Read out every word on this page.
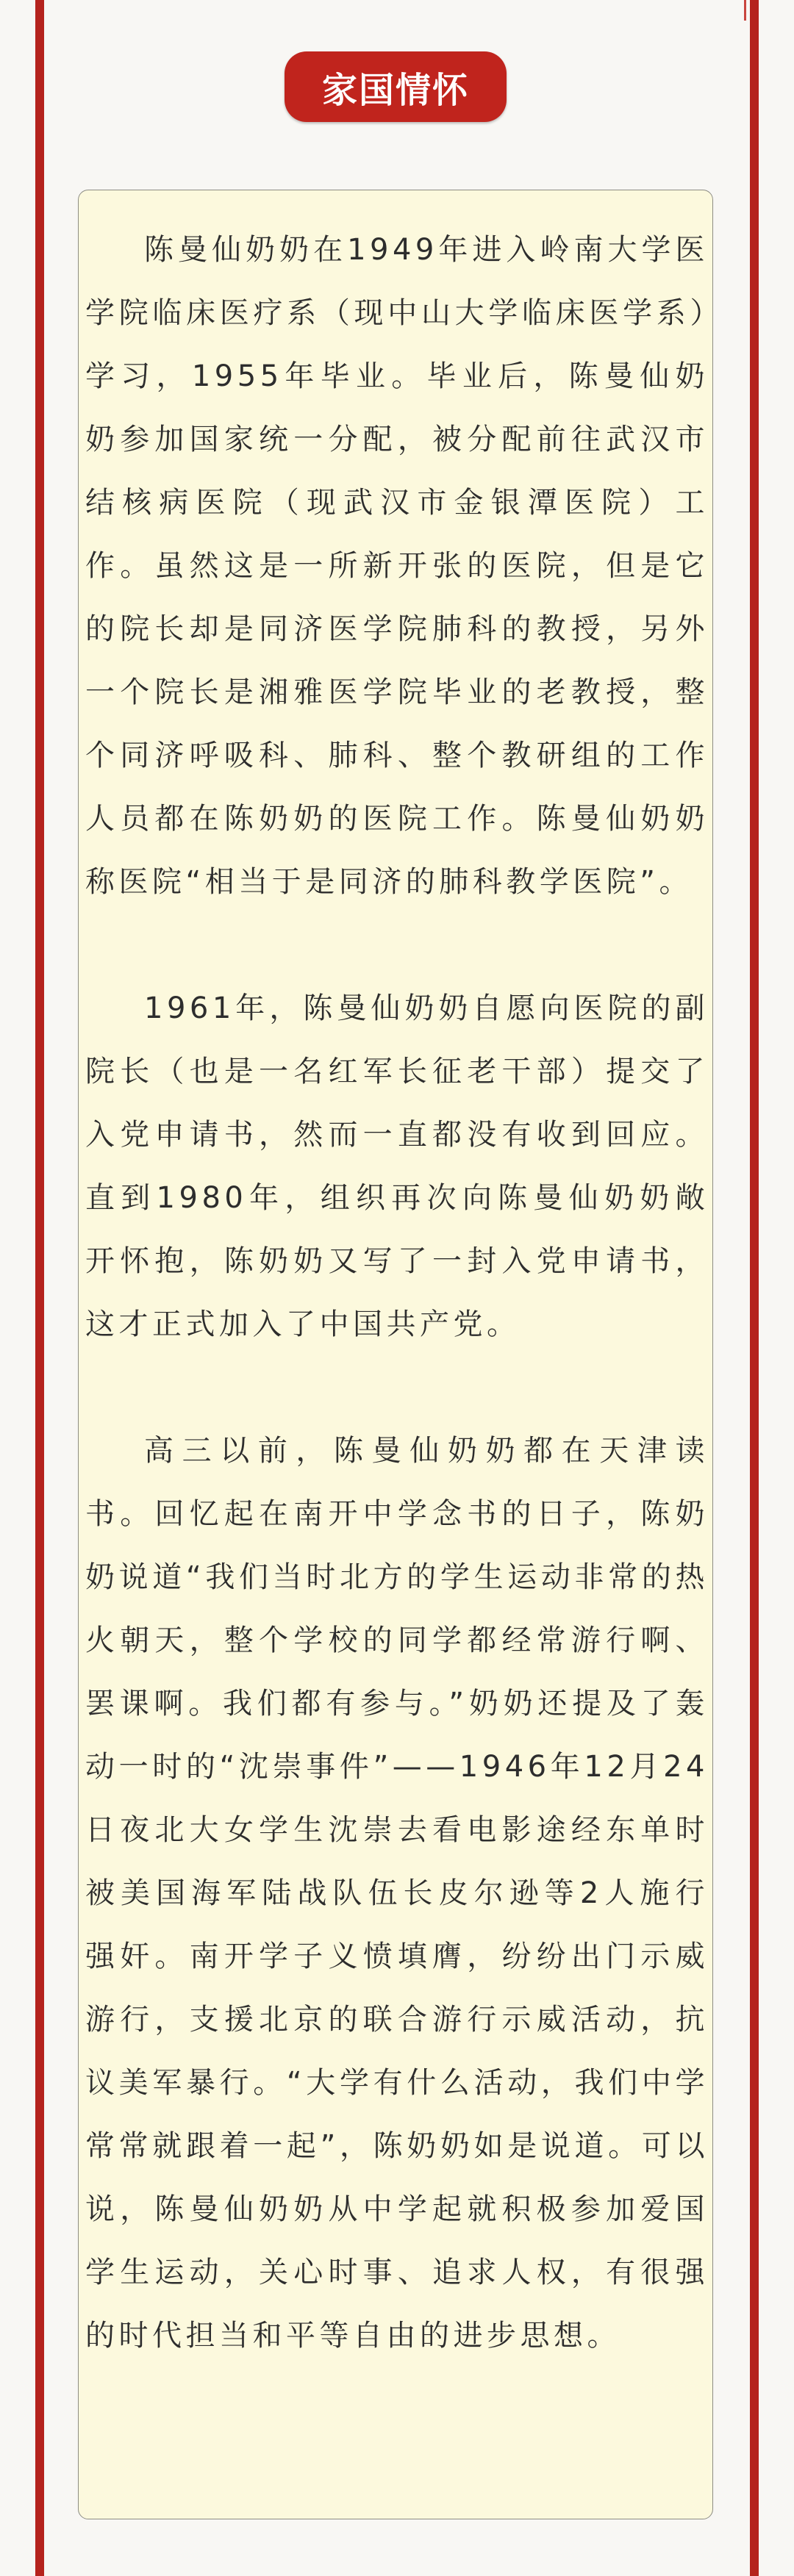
家国情怀

陈曼仙奶奶在1949年进入岭南大学医学院临床医疗系（现中山大学临床医学系）学习，1955年毕业。毕业后，陈曼仙奶奶参加国家统一分配，被分配前往武汉市结核病医院（现武汉市金银潭医院）工作。虽然这是一所新开张的医院，但是它的院长却是同济医学院肺科的教授，另外一个院长是湘雅医学院毕业的老教授，整个同济呼吸科、肺科、整个教研组的工作人员都在陈奶奶的医院工作。陈曼仙奶奶称医院“相当于是同济的肺科教学医院”。

1961年，陈曼仙奶奶自愿向医院的副院长（也是一名红军长征老干部）提交了入党申请书，然而一直都没有收到回应。直到1980年，组织再次向陈曼仙奶奶敞开怀抱，陈奶奶又写了一封入党申请书，这才正式加入了中国共产党。

高三以前，陈曼仙奶奶都在天津读书。回忆起在南开中学念书的日子，陈奶奶说道“我们当时北方的学生运动非常的热火朝天，整个学校的同学都经常游行啊、罢课啊。我们都有参与。”奶奶还提及了轰动一时的“沈崇事件”——1946年12月24日夜北大女学生沈崇去看电影途经东单时被美国海军陆战队伍长皮尔逊等2人施行强奸。南开学子义愤填膺，纷纷出门示威游行，支援北京的联合游行示威活动，抗议美军暴行。“大学有什么活动，我们中学常常就跟着一起”，陈奶奶如是说道。可以说，陈曼仙奶奶从中学起就积极参加爱国学生运动，关心时事、追求人权，有很强的时代担当和平等自由的进步思想。
